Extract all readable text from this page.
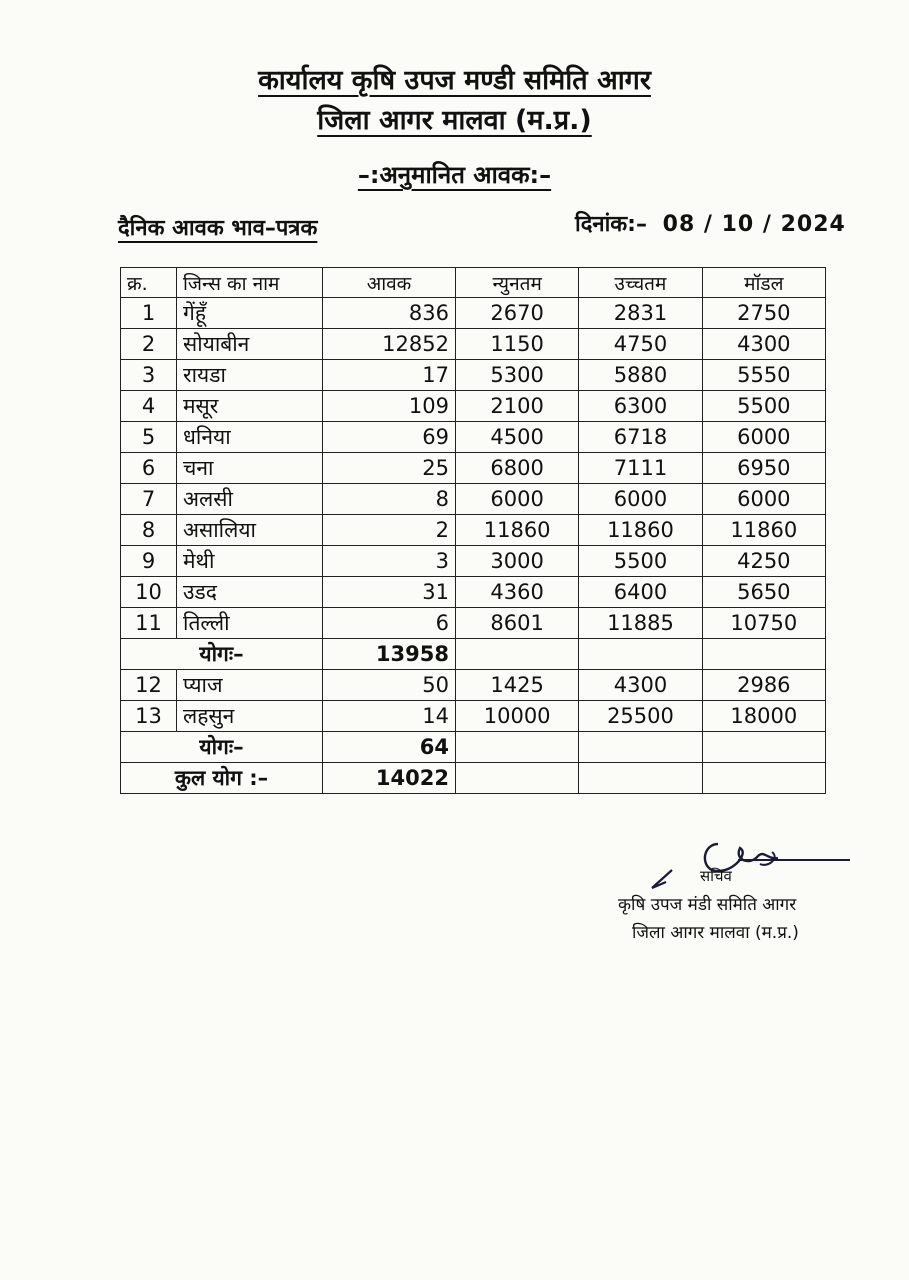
कार्यालय कृषि उपज मण्डी समिति आगर
जिला आगर मालवा (म.प्र.)
–:अनुमानित आवक:–
दैनिक आवक भाव–पत्रक	दिनांक:– 08 / 10 / 2024
क्र.	जिन्स का नाम	आवक	न्युनतम	उच्चतम	मॉडल
1	गेंहूँ	836	2670	2831	2750
2	सोयाबीन	12852	1150	4750	4300
3	रायडा	17	5300	5880	5550
4	मसूर	109	2100	6300	5500
5	धनिया	69	4500	6718	6000
6	चना	25	6800	7111	6950
7	अलसी	8	6000	6000	6000
8	असालिया	2	11860	11860	11860
9	मेथी	3	3000	5500	4250
10	उडद	31	4360	6400	5650
11	तिल्ली	6	8601	11885	10750
योगः–		13958			
12	प्याज	50	1425	4300	2986
13	लहसुन	14	10000	25500	18000
योगः–		64			
कुल योग :–		14022			
सचिव
कृषि उपज मंडी समिति आगर
जिला आगर मालवा (म.प्र.)
